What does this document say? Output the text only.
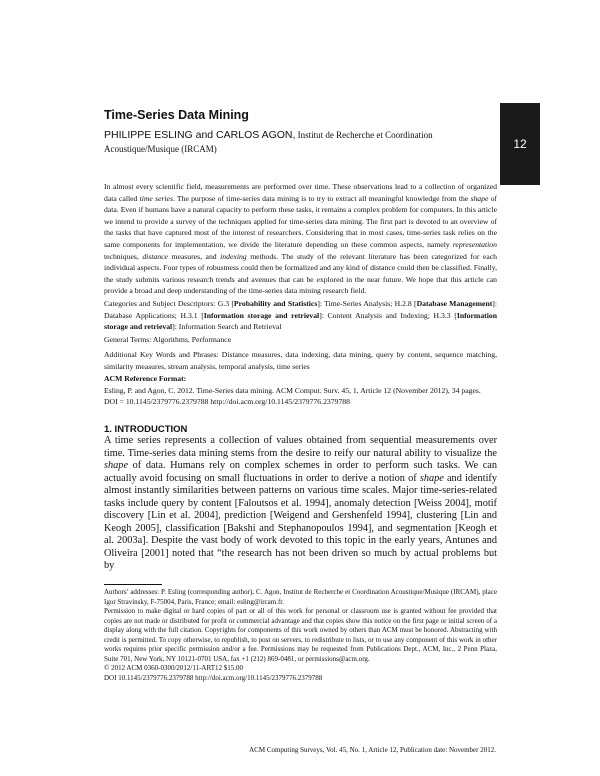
12
Time-Series Data Mining
PHILIPPE ESLING and CARLOS AGON, Institut de Recherche et Coordination Acoustique/Musique (IRCAM)

In almost every scientific field, measurements are performed over time. These observations lead to a collection of organized data called time series. The purpose of time-series data mining is to try to extract all meaningful knowledge from the shape of data. Even if humans have a natural capacity to perform these tasks, it remains a complex problem for computers. In this article we intend to provide a survey of the techniques applied for time-series data mining. The first part is devoted to an overview of the tasks that have captured most of the interest of researchers. Considering that in most cases, time-series task relies on the same components for implementation, we divide the literature depending on these common aspects, namely representation techniques, distance measures, and indexing methods. The study of the relevant literature has been categorized for each individual aspects. Four types of robustness could then be formalized and any kind of distance could then be classified. Finally, the study submits various research trends and avenues that can be explored in the near future. We hope that this article can provide a broad and deep understanding of the time-series data mining research field.

Categories and Subject Descriptors: G.3 [Probability and Statistics]: Time-Series Analysis; H.2.8 [Database Management]: Database Applications; H.3.1 [Information storage and retrieval]: Content Analysis and Indexing; H.3.3 [Information storage and retrieval]: Information Search and Retrieval

General Terms: Algorithms, Performance

Additional Key Words and Phrases: Distance measures, data indexing, data mining, query by content, sequence matching, similarity measures, stream analysis, temporal analysis, time series

ACM Reference Format:
Esling, P. and Agon, C. 2012. Time-Series data mining. ACM Comput. Surv. 45, 1, Article 12 (November 2012), 34 pages.
DOI = 10.1145/2379776.2379788 http://doi.acm.org/10.1145/2379776.2379788
1. INTRODUCTION

A time series represents a collection of values obtained from sequential measurements over time. Time-series data mining stems from the desire to reify our natural ability to visualize the shape of data. Humans rely on complex schemes in order to perform such tasks. We can actually avoid focusing on small fluctuations in order to derive a notion of shape and identify almost instantly similarities between patterns on various time scales. Major time-series-related tasks include query by content [Faloutsos et al. 1994], anomaly detection [Weiss 2004], motif discovery [Lin et al. 2004], prediction [Weigend and Gershenfeld 1994], clustering [Lin and Keogh 2005], classification [Bakshi and Stephanopoulos 1994], and segmentation [Keogh et al. 2003a]. Despite the vast body of work devoted to this topic in the early years, Antunes and Oliveira [2001] noted that “the research has not been driven so much by actual problems but by

Authors’ addresses: P. Esling (corresponding author), C. Agon, Institut de Recherche et Coordination Acoustique/Musique (IRCAM), place Igor Stravinsky, F-75004, Paris, France; email: esling@ircam.fr.

Permission to make digital or hard copies of part or all of this work for personal or classroom use is granted without fee provided that copies are not made or distributed for profit or commercial advantage and that copies show this notice on the first page or initial screen of a display along with the full citation. Copyrights for components of this work owned by others than ACM must be honored. Abstracting with credit is permitted. To copy otherwise, to republish, to post on servers, to redistribute to lists, or to use any component of this work in other works requires prior specific permission and/or a fee. Permissions may be requested from Publications Dept., ACM, Inc., 2 Penn Plaza, Suite 701, New York, NY 10121-0701 USA, fax +1 (212) 869-0481, or permissions@acm.org.

© 2012 ACM 0360-0300/2012/11-ART12 $15.00

DOI 10.1145/2379776.2379788 http://doi.acm.org/10.1145/2379776.2379788

ACM Computing Surveys, Vol. 45, No. 1, Article 12, Publication date: November 2012.
